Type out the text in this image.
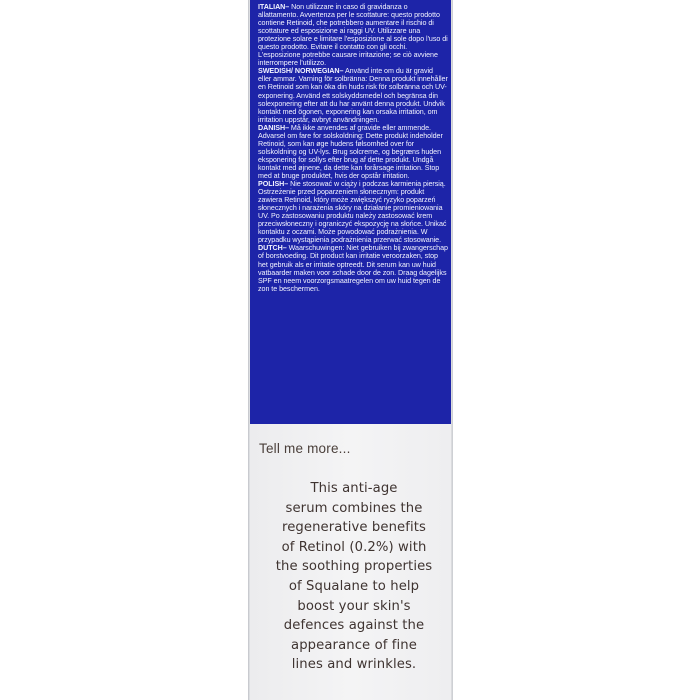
ITALIAN– Non utilizzare in caso di gravidanza o allattamento. Avvertenza per le scottature: questo prodotto contiene Retinoid, che potrebbero aumentare il rischio di scottature ed esposizione ai raggi UV. Utilizzare una protezione solare e limitare l'esposizione al sole dopo l'uso di questo prodotto. Evitare il contatto con gli occhi. L'esposizione potrebbe causare irritazione; se ciò avviene interrompere l'utilizzo.

SWEDISH/ NORWEGIAN– Använd inte om du är gravid eller ammar. Varning för solbränna: Denna produkt innehåller en Retinoid som kan öka din huds risk för solbränna och UV-exponering. Använd ett solskyddsmedel och begränsa din solexponering efter att du har använt denna produkt. Undvik kontakt med ögonen, exponering kan orsaka irritation, om irritation uppstår, avbryt användningen.

DANISH– Må ikke anvendes af gravide eller ammende. Advarsel om fare for solskoldning: Dette produkt indeholder Retinoid, som kan øge hudens følsomhed over for solskoldning og UV-lys. Brug solcreme, og begræns huden eksponering for sollys efter brug af dette produkt. Undgå kontakt med øjnene, da dette kan forårsage irritation. Stop med at bruge produktet, hvis der opstår irritation.

POLISH– Nie stosować w ciąży i podczas karmienia piersią. Ostrzeżenie przed poparzeniem słonecznym: produkt zawiera Retinoid, który może zwiększyć ryzyko poparzeń słonecznych i narażenia skóry na działanie promieniowania UV. Po zastosowaniu produktu należy zastosować krem przeciwsłoneczny i ograniczyć ekspozycję na słońce. Unikać kontaktu z oczami. Może powodować podrażnienia. W przypadku wystąpienia podrażnienia przerwać stosowanie.

DUTCH– Waarschuwingen: Niet gebruiken bij zwangerschap of borstvoeding. Dit product kan irritatie veroorzaken, stop het gebruik als er irritatie optreedt. Dit serum kan uw huid vatbaarder maken voor schade door de zon. Draag dagelijks SPF en neem voorzorgsmaatregelen om uw huid tegen de zon te beschermen.

Tell me more...
This anti-age
serum combines the
regenerative benefits
of Retinol (0.2%) with
the soothing properties
of Squalane to help
boost your skin's
defences against the
appearance of fine
lines and wrinkles.
